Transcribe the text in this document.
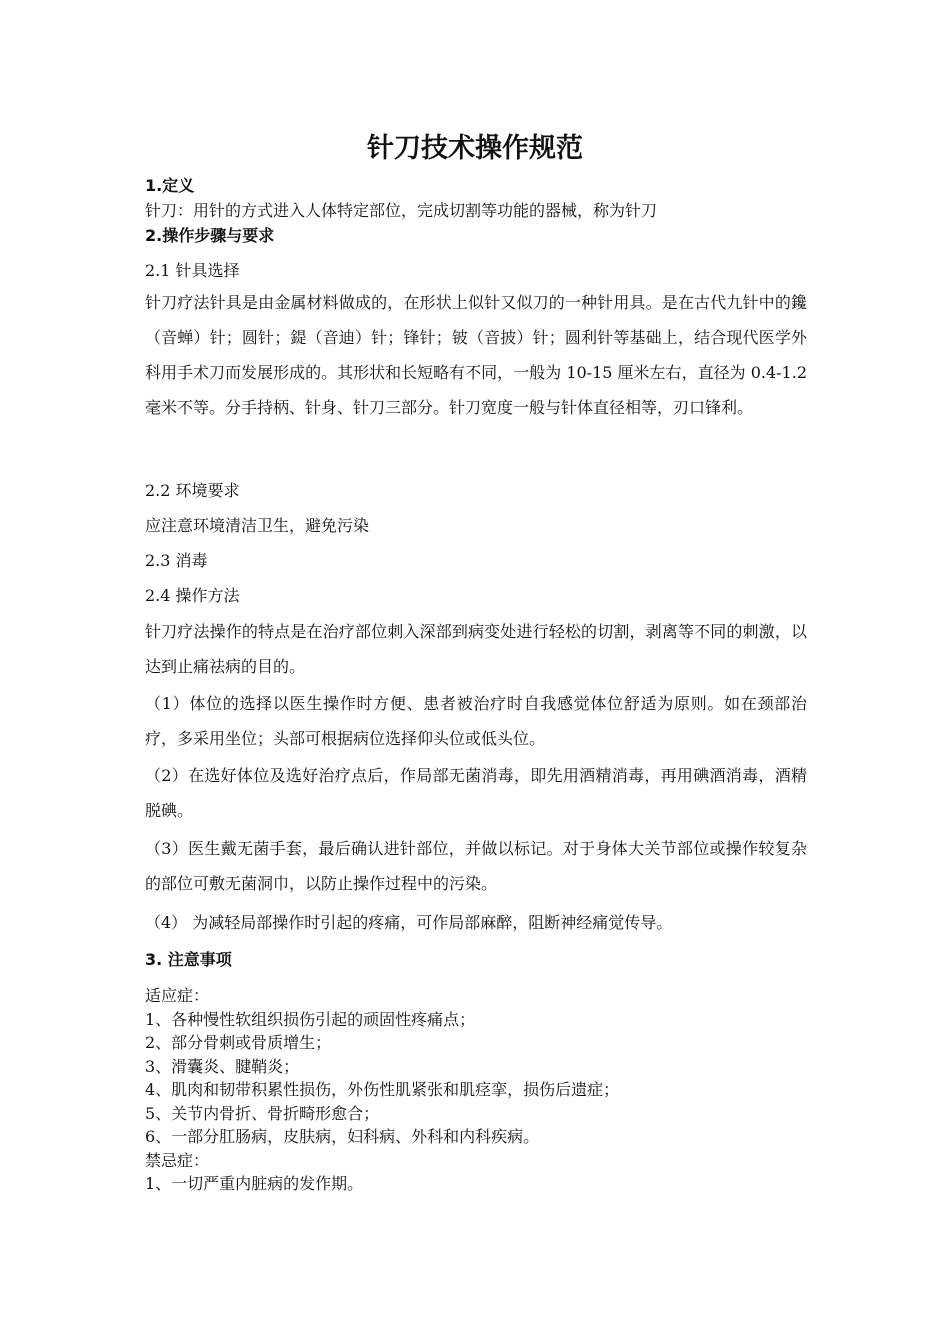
针刀技术操作规范
1.定义
针刀：用针的方式进入人体特定部位，完成切割等功能的器械，称为针刀
2.操作步骤与要求
2.1 针具选择
针刀疗法针具是由金属材料做成的，在形状上似针又似刀的一种针用具。是在古代九针中的鑱（音蝉）针；圆针；鍉（音迪）针；锋针；铍（音披）针；圆利针等基础上，结合现代医学外科用手术刀而发展形成的。其形状和长短略有不同，一般为 10-15 厘米左右，直径为 0.4-1.2 毫米不等。分手持柄、针身、针刀三部分。针刀宽度一般与针体直径相等，刃口锋利。
2.2 环境要求
应注意环境清洁卫生，避免污染
2.3 消毒
2.4 操作方法
针刀疗法操作的特点是在治疗部位刺入深部到病变处进行轻松的切割，剥离等不同的刺激，以达到止痛祛病的目的。
（1）体位的选择以医生操作时方便、患者被治疗时自我感觉体位舒适为原则。如在颈部治疗，多采用坐位；头部可根据病位选择仰头位或低头位。
（2）在选好体位及选好治疗点后，作局部无菌消毒，即先用酒精消毒，再用碘酒消毒，酒精脱碘。
（3）医生戴无菌手套，最后确认进针部位，并做以标记。对于身体大关节部位或操作较复杂的部位可敷无菌洞巾，以防止操作过程中的污染。
（4） 为减轻局部操作时引起的疼痛，可作局部麻醉，阻断神经痛觉传导。
3. 注意事项

适应症：

1、各种慢性软组织损伤引起的顽固性疼痛点；

2、部分骨刺或骨质增生；

3、滑囊炎、腱鞘炎；

4、肌肉和韧带积累性损伤，外伤性肌紧张和肌痉挛，损伤后遗症；

5、关节内骨折、骨折畸形愈合；

6、一部分肛肠病，皮肤病，妇科病、外科和内科疾病。

禁忌症：

1、一切严重内脏病的发作期。
